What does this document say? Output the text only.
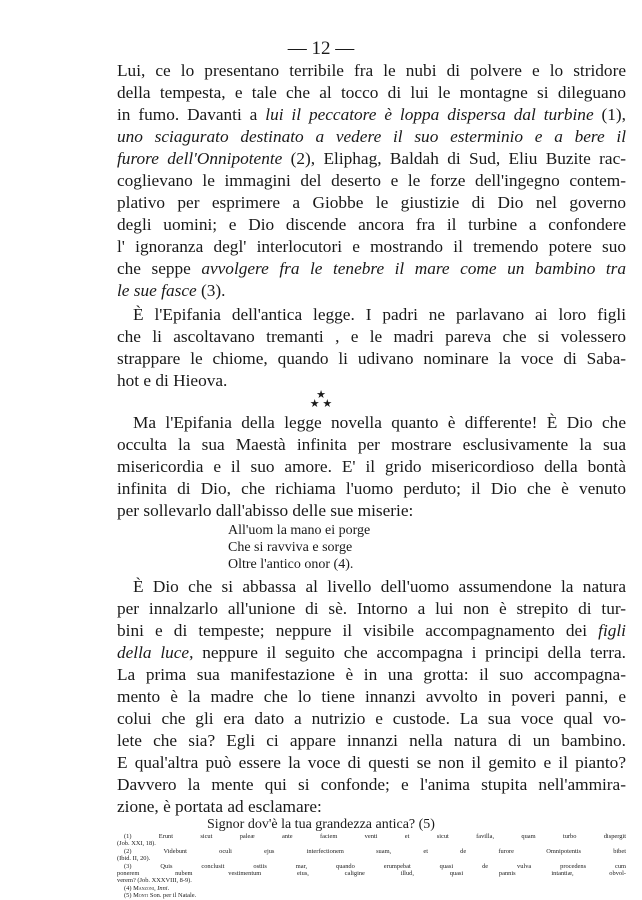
— 12 —
Lui, ce lo presentano terribile fra le nubi di polvere e lo stridore
della tempesta, e tale che al tocco di lui le montagne si dileguano
in fumo. Davanti a lui il peccatore è loppa dispersa dal turbine (1),
uno sciagurato destinato a vedere il suo esterminio e a bere il
furore dell'Onnipotente (2), Eliphag, Baldah di Sud, Eliu Buzite rac-
coglievano le immagini del deserto e le forze dell'ingegno contem-
plativo per esprimere a Giobbe le giustizie di Dio nel governo
degli uomini; e Dio discende ancora fra il turbine a confondere
l' ignoranza degl' interlocutori e mostrando il tremendo potere suo
che seppe avvolgere fra le tenebre il mare come un bambino tra
le sue fasce (3).
È l'Epifania dell'antica legge. I padri ne parlavano ai loro figli
che li ascoltavano tremanti , e le madri pareva che si volessero
strappare le chiome, quando li udivano nominare la voce di Saba-
hot e di Hieova.
★
★ ★
Ma l'Epifania della legge novella quanto è differente! È Dio che
occulta la sua Maestà infinita per mostrare esclusivamente la sua
misericordia e il suo amore. E' il grido misericordioso della bontà
infinita di Dio, che richiama l'uomo perduto; il Dio che è venuto
per sollevarlo dall'abisso delle sue miserie:
All'uom la mano ei porge
Che si ravviva e sorge
Oltre l'antico onor (4).
È Dio che si abbassa al livello dell'uomo assumendone la natura
per innalzarlo all'unione di sè. Intorno a lui non è strepito di tur-
bini e di tempeste; neppure il visibile accompagnamento dei figli
della luce, neppure il seguito che accompagna i principi della terra.
La prima sua manifestazione è in una grotta: il suo accompagna-
mento è la madre che lo tiene innanzi avvolto in poveri panni, e
colui che gli era dato a nutrizio e custode. La sua voce qual vo-
lete che sia? Egli ci appare innanzi nella natura di un bambino.
E qual'altra può essere la voce di questi se non il gemito e il pianto?
Davvero la mente qui si confonde; e l'anima stupita nell'ammira-
zione, è portata ad esclamare:
Signor dov'è la tua grandezza antica? (5)
(1) Erunt sicut paleæ ante faciem venti et sicut favilla, quam turbo dispergit
(Job. XXI, 18).
(2) Videbunt oculi ejus interfectionem suam, et de furore Omnipotentis bibet
(Ibid. II, 20).
(3) Quis conclusit ostiis mar, quando erumpebat quasi de vulva procedens cum
ponerem nubem vestimentum eius, caligine illud, quasi pannis intantiæ, obvol-
verem? (Job. XXXVIII, 8-9).
(4) Manzoni, Inni.
(5) Monti Son. per il Natale.
